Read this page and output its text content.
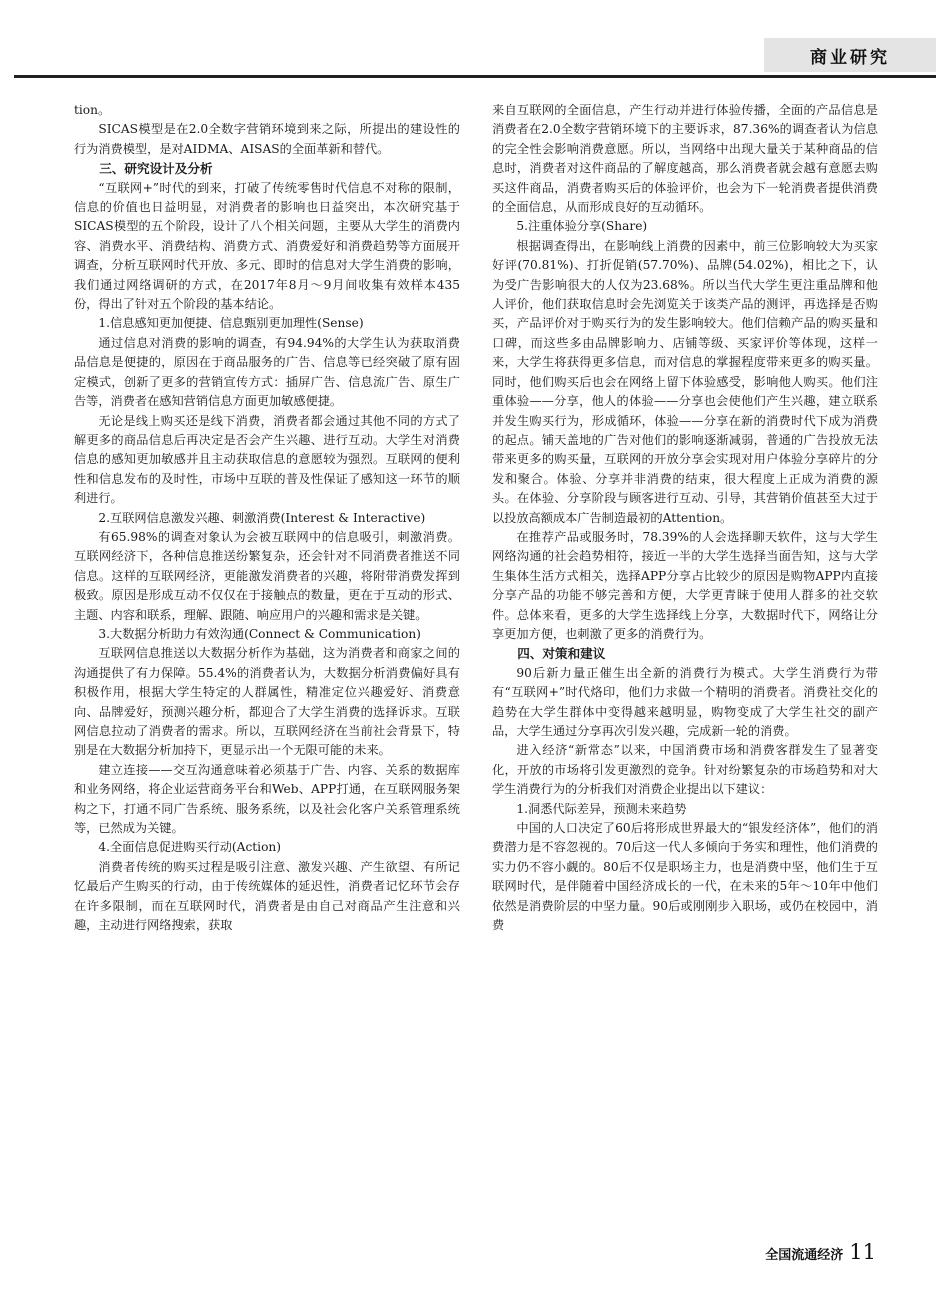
商业研究

tion。

SICAS模型是在2.0全数字营销环境到来之际，所提出的建设性的行为消费模型，是对AIDMA、AISAS的全面革新和替代。

三、研究设计及分析

“互联网+”时代的到来，打破了传统零售时代信息不对称的限制，信息的价值也日益明显，对消费者的影响也日益突出，本次研究基于SICAS模型的五个阶段，设计了八个相关问题，主要从大学生的消费内容、消费水平、消费结构、消费方式、消费爱好和消费趋势等方面展开调查，分析互联网时代开放、多元、即时的信息对大学生消费的影响，我们通过网络调研的方式，在2017年8月～9月间收集有效样本435份，得出了针对五个阶段的基本结论。

1.信息感知更加便捷、信息甄别更加理性(Sense)

通过信息对消费的影响的调查，有94.94%的大学生认为获取消费品信息是便捷的，原因在于商品服务的广告、信息等已经突破了原有固定模式，创新了更多的营销宣传方式：插屏广告、信息流广告、原生广告等，消费者在感知营销信息方面更加敏感便捷。

无论是线上购买还是线下消费，消费者都会通过其他不同的方式了解更多的商品信息后再决定是否会产生兴趣、进行互动。大学生对消费信息的感知更加敏感并且主动获取信息的意愿较为强烈。互联网的便利性和信息发布的及时性，市场中互联的普及性保证了感知这一环节的顺利进行。

2.互联网信息激发兴趣、刺激消费(Interest & Interactive)

有65.98%的调查对象认为会被互联网中的信息吸引，刺激消费。互联网经济下，各种信息推送纷繁复杂，还会针对不同消费者推送不同信息。这样的互联网经济，更能激发消费者的兴趣，将附带消费发挥到极致。原因是形成互动不仅仅在于接触点的数量，更在于互动的形式、主题、内容和联系，理解、跟随、响应用户的兴趣和需求是关键。

3.大数据分析助力有效沟通(Connect & Communication)

互联网信息推送以大数据分析作为基础，这为消费者和商家之间的沟通提供了有力保障。55.4%的消费者认为，大数据分析消费偏好具有积极作用，根据大学生特定的人群属性，精准定位兴趣爱好、消费意向、品牌爱好，预测兴趣分析，都迎合了大学生消费的选择诉求。互联网信息拉动了消费者的需求。所以，互联网经济在当前社会背景下，特别是在大数据分析加持下，更显示出一个无限可能的未来。

建立连接——交互沟通意味着必须基于广告、内容、关系的数据库和业务网络，将企业运营商务平台和Web、APP打通，在互联网服务架构之下，打通不同广告系统、服务系统，以及社会化客户关系管理系统等，已然成为关键。

4.全面信息促进购买行动(Action)

消费者传统的购买过程是吸引注意、激发兴趣、产生欲望、有所记忆最后产生购买的行动，由于传统媒体的延迟性，消费者记忆环节会存在许多限制，而在互联网时代，消费者是由自己对商品产生注意和兴趣，主动进行网络搜索，获取

来自互联网的全面信息，产生行动并进行体验传播，全面的产品信息是消费者在2.0全数字营销环境下的主要诉求，87.36%的调查者认为信息的完全性会影响消费意愿。所以，当网络中出现大量关于某种商品的信息时，消费者对这件商品的了解度越高，那么消费者就会越有意愿去购买这件商品，消费者购买后的体验评价，也会为下一轮消费者提供消费的全面信息，从而形成良好的互动循环。

5.注重体验分享(Share)

根据调查得出，在影响线上消费的因素中，前三位影响较大为买家好评(70.81%)、打折促销(57.70%)、品牌(54.02%)，相比之下，认为受广告影响很大的人仅为23.68%。所以当代大学生更注重品牌和他人评价，他们获取信息时会先浏览关于该类产品的测评，再选择是否购买，产品评价对于购买行为的发生影响较大。他们信赖产品的购买量和口碑，而这些多由品牌影响力、店铺等级、买家评价等体现，这样一来，大学生将获得更多信息，而对信息的掌握程度带来更多的购买量。同时，他们购买后也会在网络上留下体验感受，影响他人购买。他们注重体验——分享，他人的体验——分享也会使他们产生兴趣，建立联系并发生购买行为，形成循环，体验——分享在新的消费时代下成为消费的起点。铺天盖地的广告对他们的影响逐渐减弱，普通的广告投放无法带来更多的购买量，互联网的开放分享会实现对用户体验分享碎片的分发和聚合。体验、分享并非消费的结束，很大程度上正成为消费的源头。在体验、分享阶段与顾客进行互动、引导，其营销价值甚至大过于以投放高额成本广告制造最初的Attention。

在推荐产品或服务时，78.39%的人会选择聊天软件，这与大学生网络沟通的社会趋势相符，接近一半的大学生选择当面告知，这与大学生集体生活方式相关，选择APP分享占比较少的原因是购物APP内直接分享产品的功能不够完善和方便，大学更青睐于使用人群多的社交软件。总体来看，更多的大学生选择线上分享，大数据时代下，网络让分享更加方便，也刺激了更多的消费行为。

四、对策和建议

90后新力量正催生出全新的消费行为模式。大学生消费行为带有“互联网+”时代烙印，他们力求做一个精明的消费者。消费社交化的趋势在大学生群体中变得越来越明显，购物变成了大学生社交的副产品，大学生通过分享再次引发兴趣，完成新一轮的消费。

进入经济“新常态”以来，中国消费市场和消费客群发生了显著变化，开放的市场将引发更激烈的竞争。针对纷繁复杂的市场趋势和对大学生消费行为的分析我们对消费企业提出以下建议：

1.洞悉代际差异，预测未来趋势

中国的人口决定了60后将形成世界最大的“银发经济体”，他们的消费潜力是不容忽视的。70后这一代人多倾向于务实和理性，他们消费的实力仍不容小觑的。80后不仅是职场主力，也是消费中坚，他们生于互联网时代，是伴随着中国经济成长的一代，在未来的5年～10年中他们依然是消费阶层的中坚力量。90后或刚刚步入职场，或仍在校园中，消费

全国流通经济 11
